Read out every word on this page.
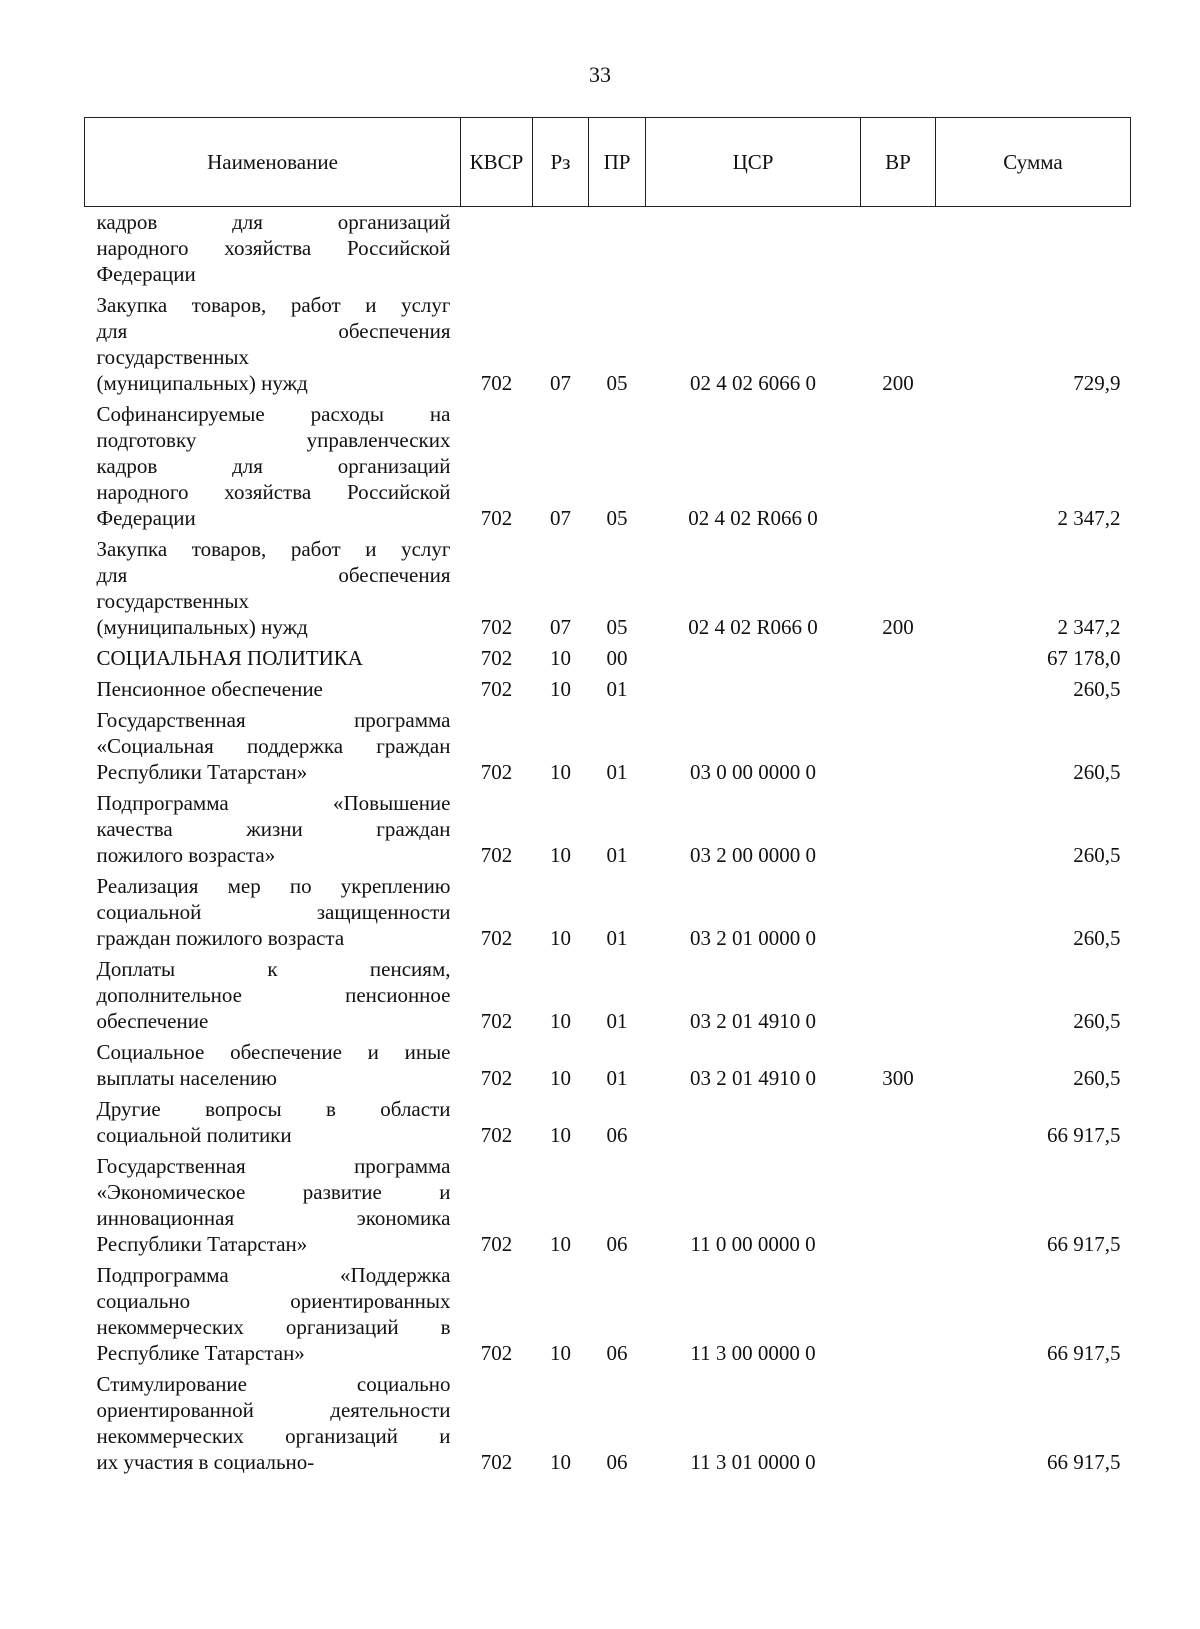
33
Наименование	КВСР	Рз	ПР	ЦСР	ВР	Сумма

кадров для организаций
народного хозяйства Российской
Федерации						

Закупка товаров, работ и услуг
для обеспечения
государственных
(муниципальных) нужд	702	07	05	02 4 02 6066 0	200	729,9

Софинансируемые расходы на
подготовку управленческих
кадров для организаций
народного хозяйства Российской
Федерации	702	07	05	02 4 02 R066 0		2 347,2

Закупка товаров, работ и услуг
для обеспечения
государственных
(муниципальных) нужд	702	07	05	02 4 02 R066 0	200	2 347,2

СОЦИАЛЬНАЯ ПОЛИТИКА	702	10	00			67 178,0

Пенсионное обеспечение	702	10	01			260,5

Государственная программа
«Социальная поддержка граждан
Республики Татарстан»	702	10	01	03 0 00 0000 0		260,5

Подпрограмма «Повышение
качества жизни граждан
пожилого возраста»	702	10	01	03 2 00 0000 0		260,5

Реализация мер по укреплению
социальной защищенности
граждан пожилого возраста	702	10	01	03 2 01 0000 0		260,5

Доплаты к пенсиям,
дополнительное пенсионное
обеспечение	702	10	01	03 2 01 4910 0		260,5

Социальное обеспечение и иные
выплаты населению	702	10	01	03 2 01 4910 0	300	260,5

Другие вопросы в области
социальной политики	702	10	06			66 917,5

Государственная программа
«Экономическое развитие и
инновационная экономика
Республики Татарстан»	702	10	06	11 0 00 0000 0		66 917,5

Подпрограмма «Поддержка
социально ориентированных
некоммерческих организаций в
Республике Татарстан»	702	10	06	11 3 00 0000 0		66 917,5

Стимулирование социально
ориентированной деятельности
некоммерческих организаций и
их участия в социально-	702	10	06	11 3 01 0000 0		66 917,5
